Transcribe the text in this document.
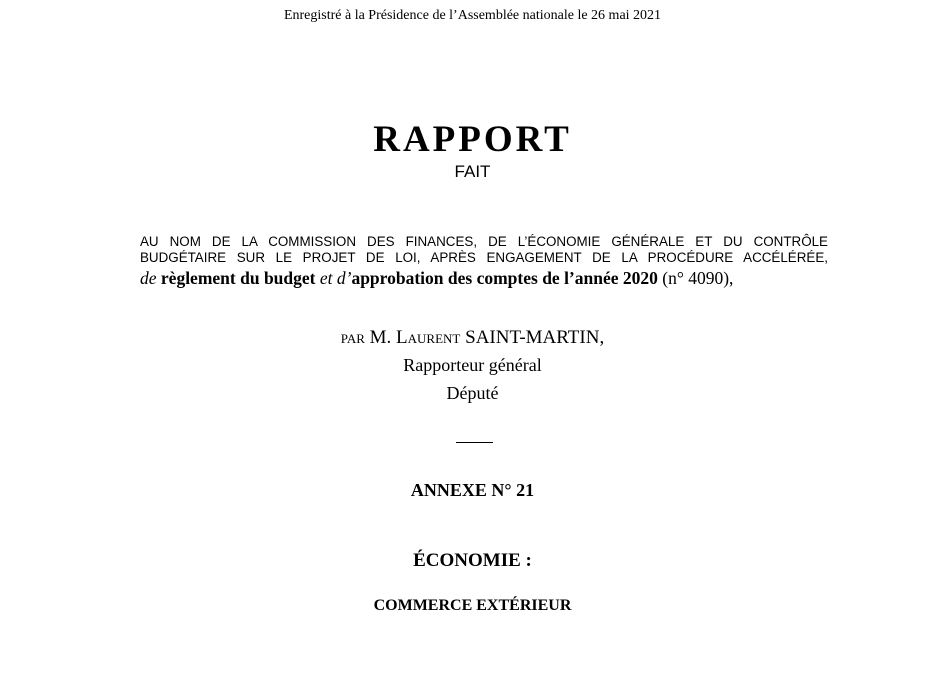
Enregistré à la Présidence de l’Assemblée nationale le 26 mai 2021
RAPPORT
FAIT
AU NOM DE LA COMMISSION DES FINANCES, DE L’ÉCONOMIE GÉNÉRALE ET DU CONTRÔLE
BUDGÉTAIRE SUR LE PROJET DE LOI, APRÈS ENGAGEMENT DE LA PROCÉDURE ACCÉLÉRÉE,
de règlement du budget et d’approbation des comptes de l’année 2020 (n° 4090),
PAR M. LAURENT SAINT-MARTIN,
Rapporteur général
Député
ANNEXE N° 21
ÉCONOMIE :
COMMERCE EXTÉRIEUR
